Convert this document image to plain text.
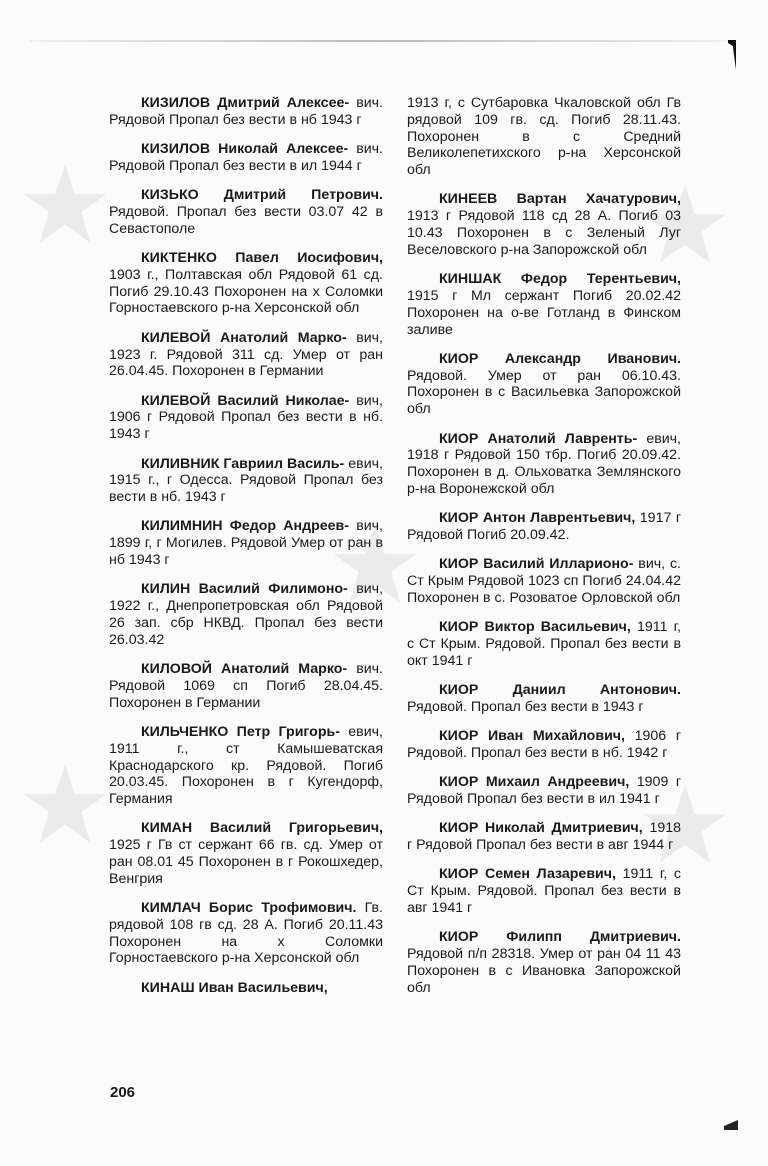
КИЗИЛОВ Дмитрий Алексее- вич. Рядовой Пропал без вести в нб 1943 г

КИЗИЛОВ Николай Алексее- вич. Рядовой Пропал без вести в ил 1944 г

КИЗЬКО Дмитрий Петрович. Рядовой. Пропал без вести 03.07 42 в Севастополе

КИКТЕНКО Павел Иосифович, 1903 г., Полтавская обл Рядовой 61 сд. Погиб 29.10.43 Похоронен на х Соломки Горностаевского р-на Херсонской обл

КИЛЕВОЙ Анатолий Марко- вич, 1923 г. Рядовой 311 сд. Умер от ран 26.04.45. Похоронен в Германии

КИЛЕВОЙ Василий Николае- вич, 1906 г Рядовой Пропал без вести в нб. 1943 г

КИЛИВНИК Гавриил Василь- евич, 1915 г., г Одесса. Рядовой Пропал без вести в нб. 1943 г

КИЛИМНИН Федор Андреев- вич, 1899 г, г Могилев. Рядовой Умер от ран в нб 1943 г

КИЛИН Василий Филимоно- вич, 1922 г., Днепропетровская обл Рядовой 26 зап. сбр НКВД. Пропал без вести 26.03.42

КИЛОВОЙ Анатолий Марко- вич. Рядовой 1069 сп Погиб 28.04.45. Похоронен в Германии

КИЛЬЧЕНКО Петр Григорь- евич, 1911 г., ст Камышеватская Краснодарского кр. Рядовой. Погиб 20.03.45. Похоронен в г Кугендорф, Германия

КИМАН Василий Григорьевич, 1925 г Гв ст сержант 66 гв. сд. Умер от ран 08.01 45 Похоронен в г Рокошхедер, Венгрия

КИМЛАЧ Борис Трофимович. Гв. рядовой 108 гв сд. 28 А. Погиб 20.11.43 Похоронен на х Соломки Горностаевского р-на Херсонской обл

КИНАШ Иван Васильевич,

1913 г, с Сутбаровка Чкаловской обл Гв рядовой 109 гв. сд. Погиб 28.11.43. Похоронен в с Средний Великолепетихского р-на Херсонской обл

КИНЕЕВ Вартан Хачатурович, 1913 г Рядовой 118 сд 28 А. Погиб 03 10.43 Похоронен в с Зеленый Луг Веселовского р-на Запорожской обл

КИНШАК Федор Терентьевич, 1915 г Мл сержант Погиб 20.02.42 Похоронен на о-ве Готланд в Финском заливе

КИОР Александр Иванович. Рядовой. Умер от ран 06.10.43. Похоронен в с Васильевка Запорожской обл

КИОР Анатолий Лавренть- евич, 1918 г Рядовой 150 тбр. Погиб 20.09.42. Похоронен в д. Ольховатка Землянского р-на Воронежской обл

КИОР Антон Лаврентьевич, 1917 г Рядовой Погиб 20.09.42.

КИОР Василий Илларионо- вич, с. Ст Крым Рядовой 1023 сп Погиб 24.04.42 Похоронен в с. Розоватое Орловской обл

КИОР Виктор Васильевич, 1911 г, с Ст Крым. Рядовой. Пропал без вести в окт 1941 г

КИОР Даниил Антонович. Рядовой. Пропал без вести в 1943 г

КИОР Иван Михайлович, 1906 г Рядовой. Пропал без вести в нб. 1942 г

КИОР Михаил Андреевич, 1909 г Рядовой Пропал без вести в ил 1941 г

КИОР Николай Дмитриевич, 1918 г Рядовой Пропал без вести в авг 1944 г

КИОР Семен Лазаревич, 1911 г, с Ст Крым. Рядовой. Пропал без вести в авг 1941 г

КИОР Филипп Дмитриевич. Рядовой п/п 28318. Умер от ран 04 11 43 Похоронен в с Ивановка Запорожской обл

206
